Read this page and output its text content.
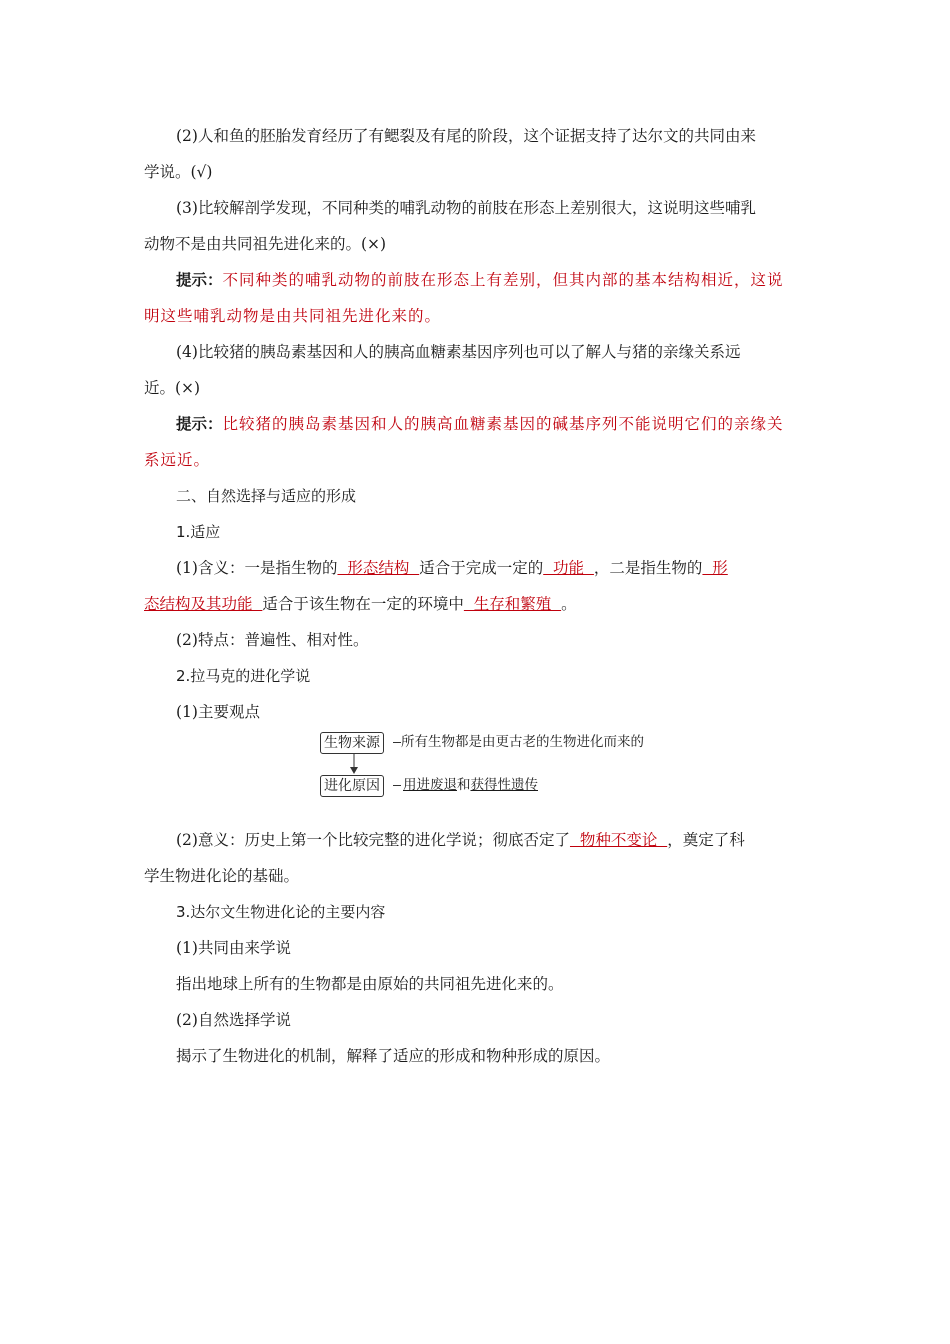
(2)人和鱼的胚胎发育经历了有鳃裂及有尾的阶段，这个证据支持了达尔文的共同由来

学说。(√)

(3)比较解剖学发现，不同种类的哺乳动物的前肢在形态上差别很大，这说明这些哺乳

动物不是由共同祖先进化来的。(×)

提示：不同种类的哺乳动物的前肢在形态上有差别，但其内部的基本结构相近，这说

明这些哺乳动物是由共同祖先进化来的。

(4)比较猪的胰岛素基因和人的胰高血糖素基因序列也可以了解人与猪的亲缘关系远

近。(×)

提示：比较猪的胰岛素基因和人的胰高血糖素基因的碱基序列不能说明它们的亲缘关

系远近。

二、自然选择与适应的形成

1.适应

(1)含义：一是指生物的  形态结构  适合于完成一定的  功能  ，二是指生物的  形

态结构及其功能  适合于该生物在一定的环境中  生存和繁殖  。

(2)特点：普遍性、相对性。

2.拉马克的进化学说

(1)主要观点

生物来源 所有生物都是由更古老的生物进化而来的
进化原因 用进废退和获得性遗传

(2)意义：历史上第一个比较完整的进化学说；彻底否定了  物种不变论  ，奠定了科

学生物进化论的基础。

3.达尔文生物进化论的主要内容

(1)共同由来学说

指出地球上所有的生物都是由原始的共同祖先进化来的。

(2)自然选择学说

揭示了生物进化的机制，解释了适应的形成和物种形成的原因。
